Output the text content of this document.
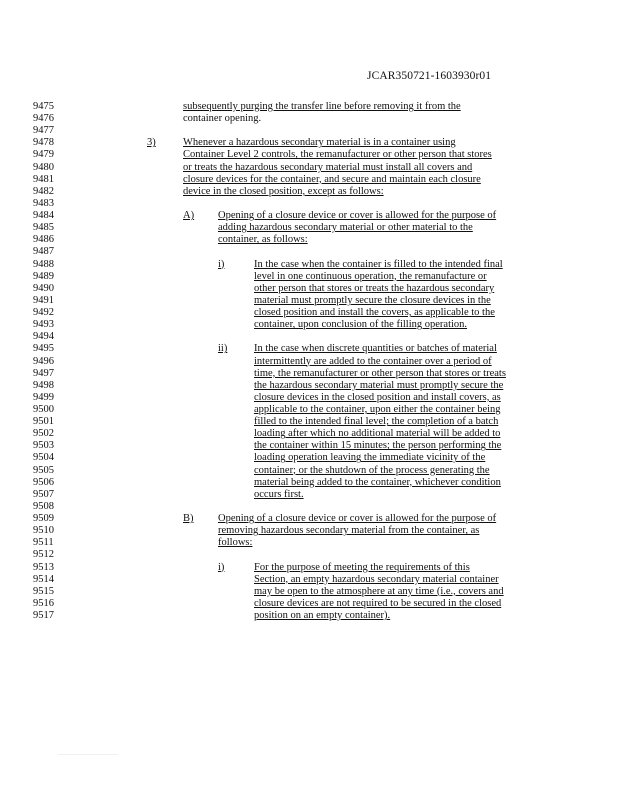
JCAR350721-1603930r01
9475	subsequently purging the transfer line before removing it from the
9476	container opening.
9477
9478	3)	Whenever a hazardous secondary material is in a container using
9479	Container Level 2 controls, the remanufacturer or other person that stores
9480	or treats the hazardous secondary material must install all covers and
9481	closure devices for the container, and secure and maintain each closure
9482	device in the closed position, except as follows:
9483
9484	A) Opening of a closure device or cover is allowed for the purpose of
9485	adding hazardous secondary material or other material to the
9486	container, as follows:
9487
9488	i)	In the case when the container is filled to the intended final
9489	level in one continuous operation, the remanufacture or
9490	other person that stores or treats the hazardous secondary
9491	material must promptly secure the closure devices in the
9492	closed position and install the covers, as applicable to the
9493	container, upon conclusion of the filling operation.
9494
9495	ii)	In the case when discrete quantities or batches of material
9496	intermittently are added to the container over a period of
9497	time, the remanufacturer or other person that stores or treats
9498	the hazardous secondary material must promptly secure the
9499	closure devices in the closed position and install covers, as
9500	applicable to the container, upon either the container being
9501	filled to the intended final level; the completion of a batch
9502	loading after which no additional material will be added to
9503	the container within 15 minutes; the person performing the
9504	loading operation leaving the immediate vicinity of the
9505	container; or the shutdown of the process generating the
9506	material being added to the container, whichever condition
9507	occurs first.
9508
9509	B) Opening of a closure device or cover is allowed for the purpose of
9510	removing hazardous secondary material from the container, as
9511	follows:
9512
9513	i)	For the purpose of meeting the requirements of this
9514	Section, an empty hazardous secondary material container
9515	may be open to the atmosphere at any time (i.e., covers and
9516	closure devices are not required to be secured in the closed
9517	position on an empty container).
